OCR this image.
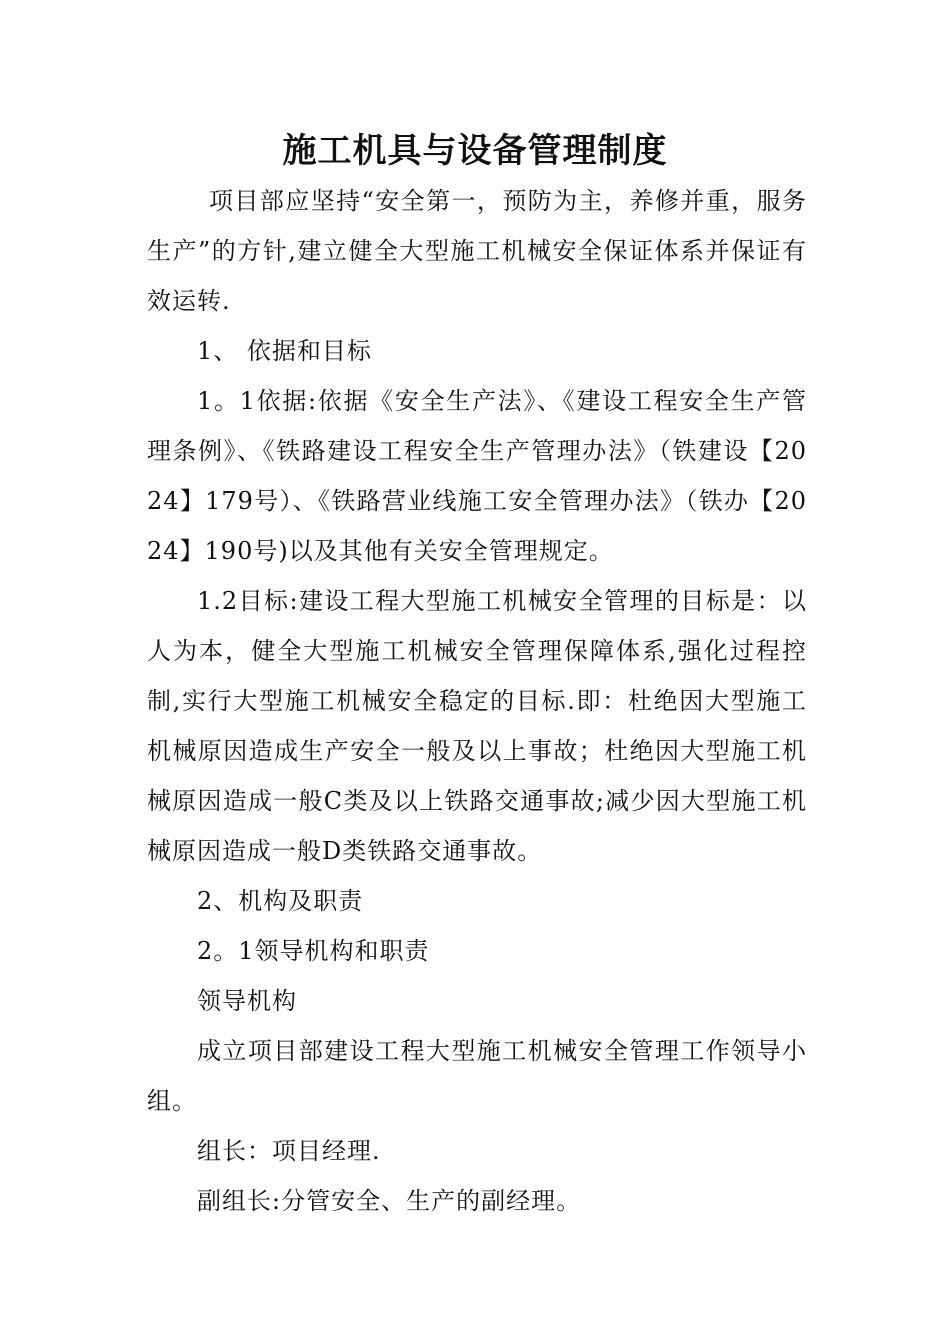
施工机具与设备管理制度

项目部应坚持“安全第一，预防为主，养修并重，服务生产”的方针,建立健全大型施工机械安全保证体系并保证有效运转.

1、 依据和目标

1。1依据:依据《安全生产法》、《建设工程安全生产管理条例》、《铁路建设工程安全生产管理办法》（铁建设【2024】179号）、《铁路营业线施工安全管理办法》（铁办【2024】190号)以及其他有关安全管理规定。

1.2目标:建设工程大型施工机械安全管理的目标是：以人为本，健全大型施工机械安全管理保障体系,强化过程控制,实行大型施工机械安全稳定的目标.即：杜绝因大型施工机械原因造成生产安全一般及以上事故；杜绝因大型施工机械原因造成一般C类及以上铁路交通事故;减少因大型施工机械原因造成一般D类铁路交通事故。

2、机构及职责

2。1领导机构和职责

领导机构

成立项目部建设工程大型施工机械安全管理工作领导小组。

组长：项目经理.

副组长:分管安全、生产的副经理。
